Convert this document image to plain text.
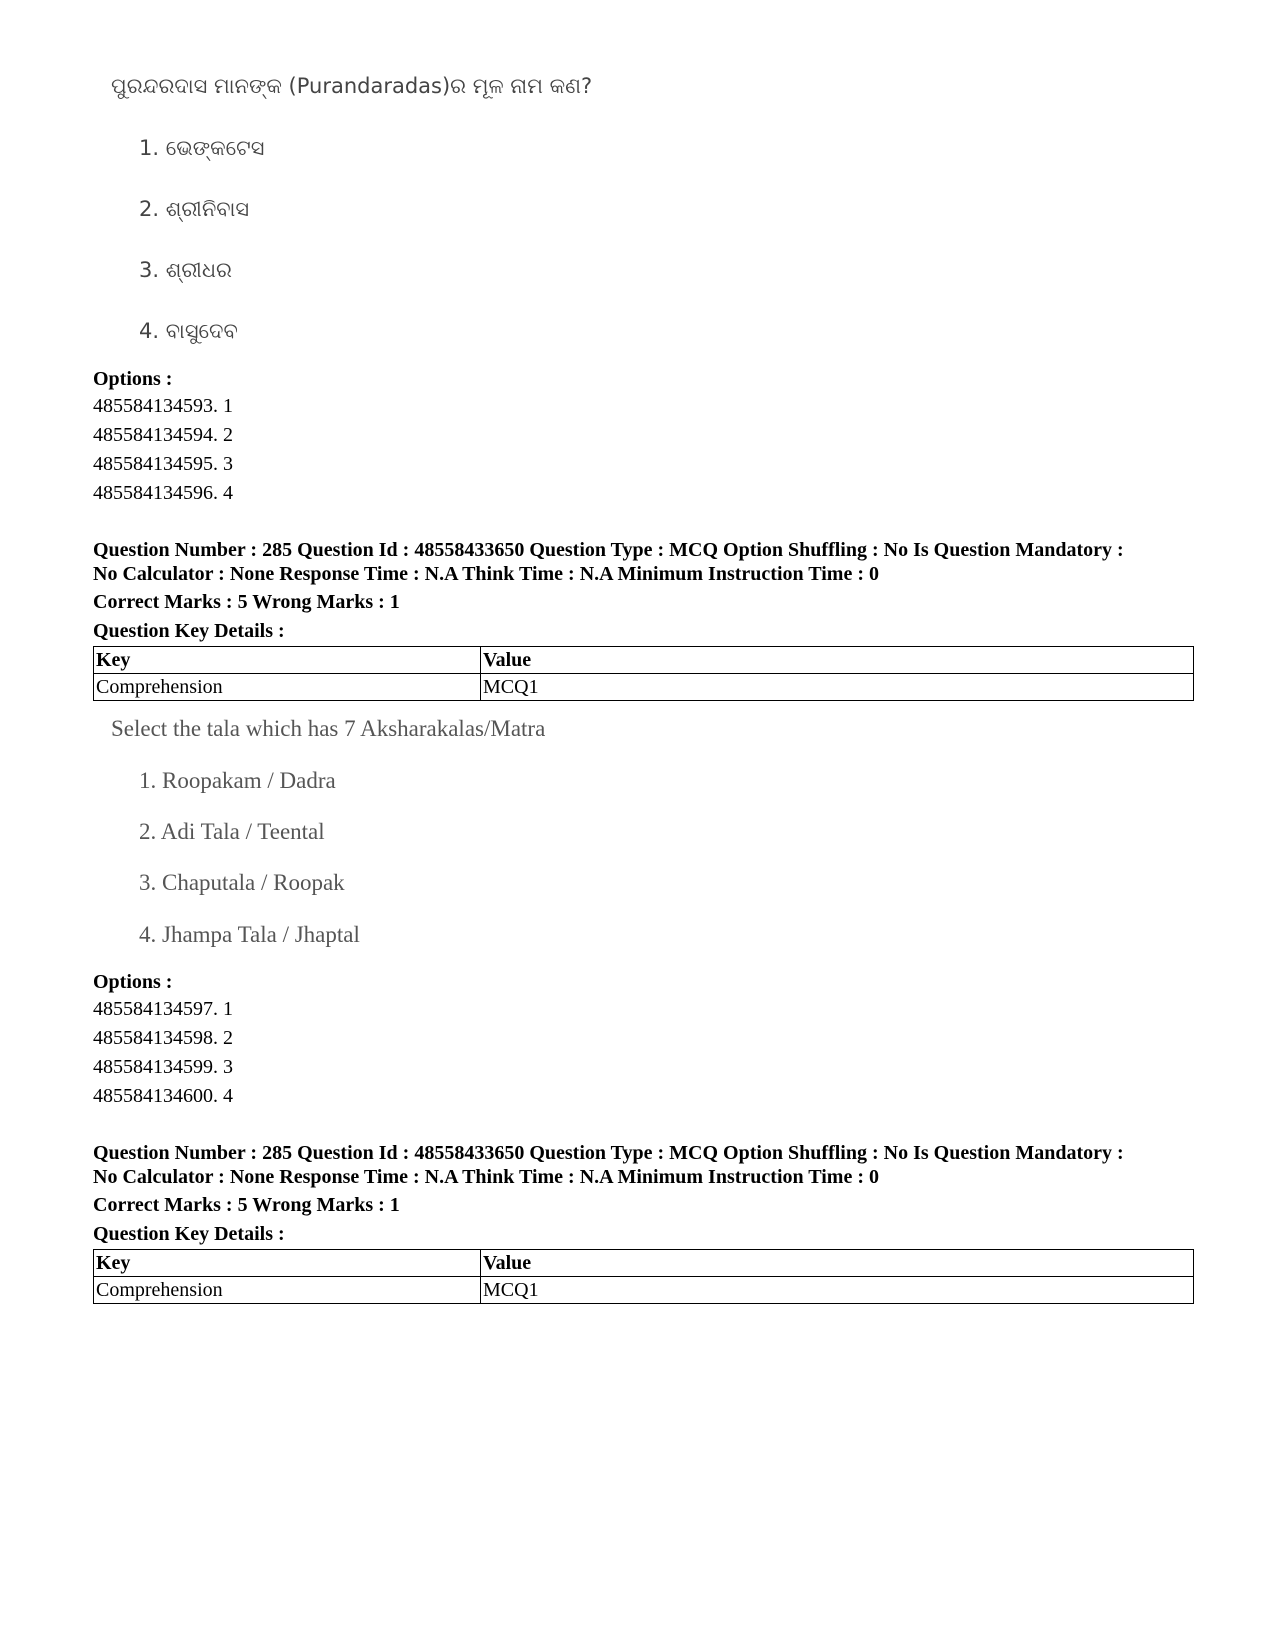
ପୁରନ୍ଦରଦାସ ମାନଙ୍କ (Purandaradas)ର ମୂଳ ନାମ କଣ?
1. ଭେଙ୍କଟେସ
2. ଶ୍ରୀନିବାସ
3. ଶ୍ରୀଧର
4. ବାସୁଦେବ
Options :
485584134593. 1
485584134594. 2
485584134595. 3
485584134596. 4
Question Number : 285 Question Id : 48558433650 Question Type : MCQ Option Shuffling : No Is Question Mandatory :
No Calculator : None Response Time : N.A Think Time : N.A Minimum Instruction Time : 0
Correct Marks : 5 Wrong Marks : 1
Question Key Details :
Key	Value
Comprehension	MCQ1
Select the tala which has 7 Aksharakalas/Matra
1. Roopakam / Dadra
2. Adi Tala / Teental
3. Chaputala / Roopak
4. Jhampa Tala / Jhaptal
Options :
485584134597. 1
485584134598. 2
485584134599. 3
485584134600. 4
Question Number : 285 Question Id : 48558433650 Question Type : MCQ Option Shuffling : No Is Question Mandatory :
No Calculator : None Response Time : N.A Think Time : N.A Minimum Instruction Time : 0
Correct Marks : 5 Wrong Marks : 1
Question Key Details :
Key	Value
Comprehension	MCQ1
